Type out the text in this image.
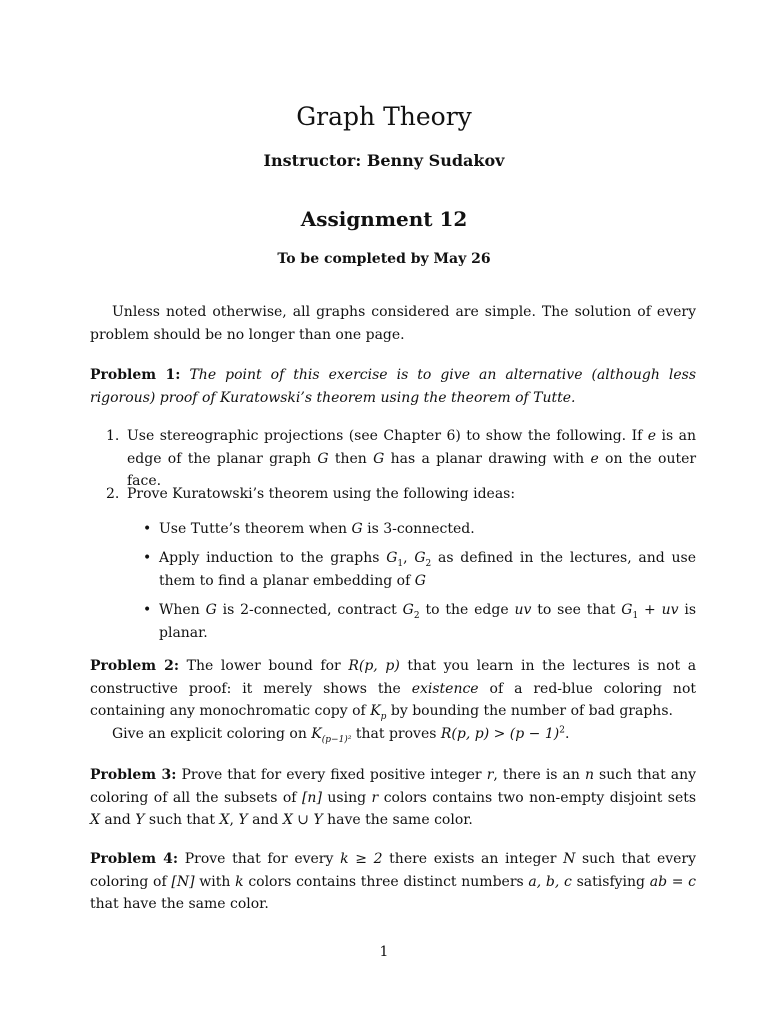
Graph Theory
Instructor: Benny Sudakov
Assignment 12
To be completed by May 26
Unless noted otherwise, all graphs considered are simple. The solution of every problem should be no longer than one page.
Problem 1: The point of this exercise is to give an alternative (although less rigorous) proof of Kuratowski’s theorem using the theorem of Tutte.
1. Use stereographic projections (see Chapter 6) to show the following. If e is an edge of the planar graph G then G has a planar drawing with e on the outer face.
2. Prove Kuratowski’s theorem using the following ideas:
• Use Tutte’s theorem when G is 3-connected.
• Apply induction to the graphs $G_1$, $G_2$ as defined in the lectures, and use them to find a planar embedding of G
• When G is 2-connected, contract $G_2$ to the edge uv to see that $G_1$ + uv is planar.
Problem 2: The lower bound for R(p, p) that you learn in the lectures is not a constructive proof: it merely shows the existence of a red-blue coloring not containing any monochromatic copy of $K_p$ by bounding the number of bad graphs.
Give an explicit coloring on $K_{(p-1)^2}$ that proves R(p, $p) > (p - 1)^2$.
Problem 3: Prove that for every fixed positive integer r, there is an n such that any coloring of all the subsets of [n] using r colors contains two non-empty disjoint sets X and Y such that X, Y and X ∪ Y have the same color.
Problem 4: Prove that for every k ≥ 2 there exists an integer N such that every coloring of [N] with k colors contains three distinct numbers a, b, c satisfying ab = c that have the same color.
1
